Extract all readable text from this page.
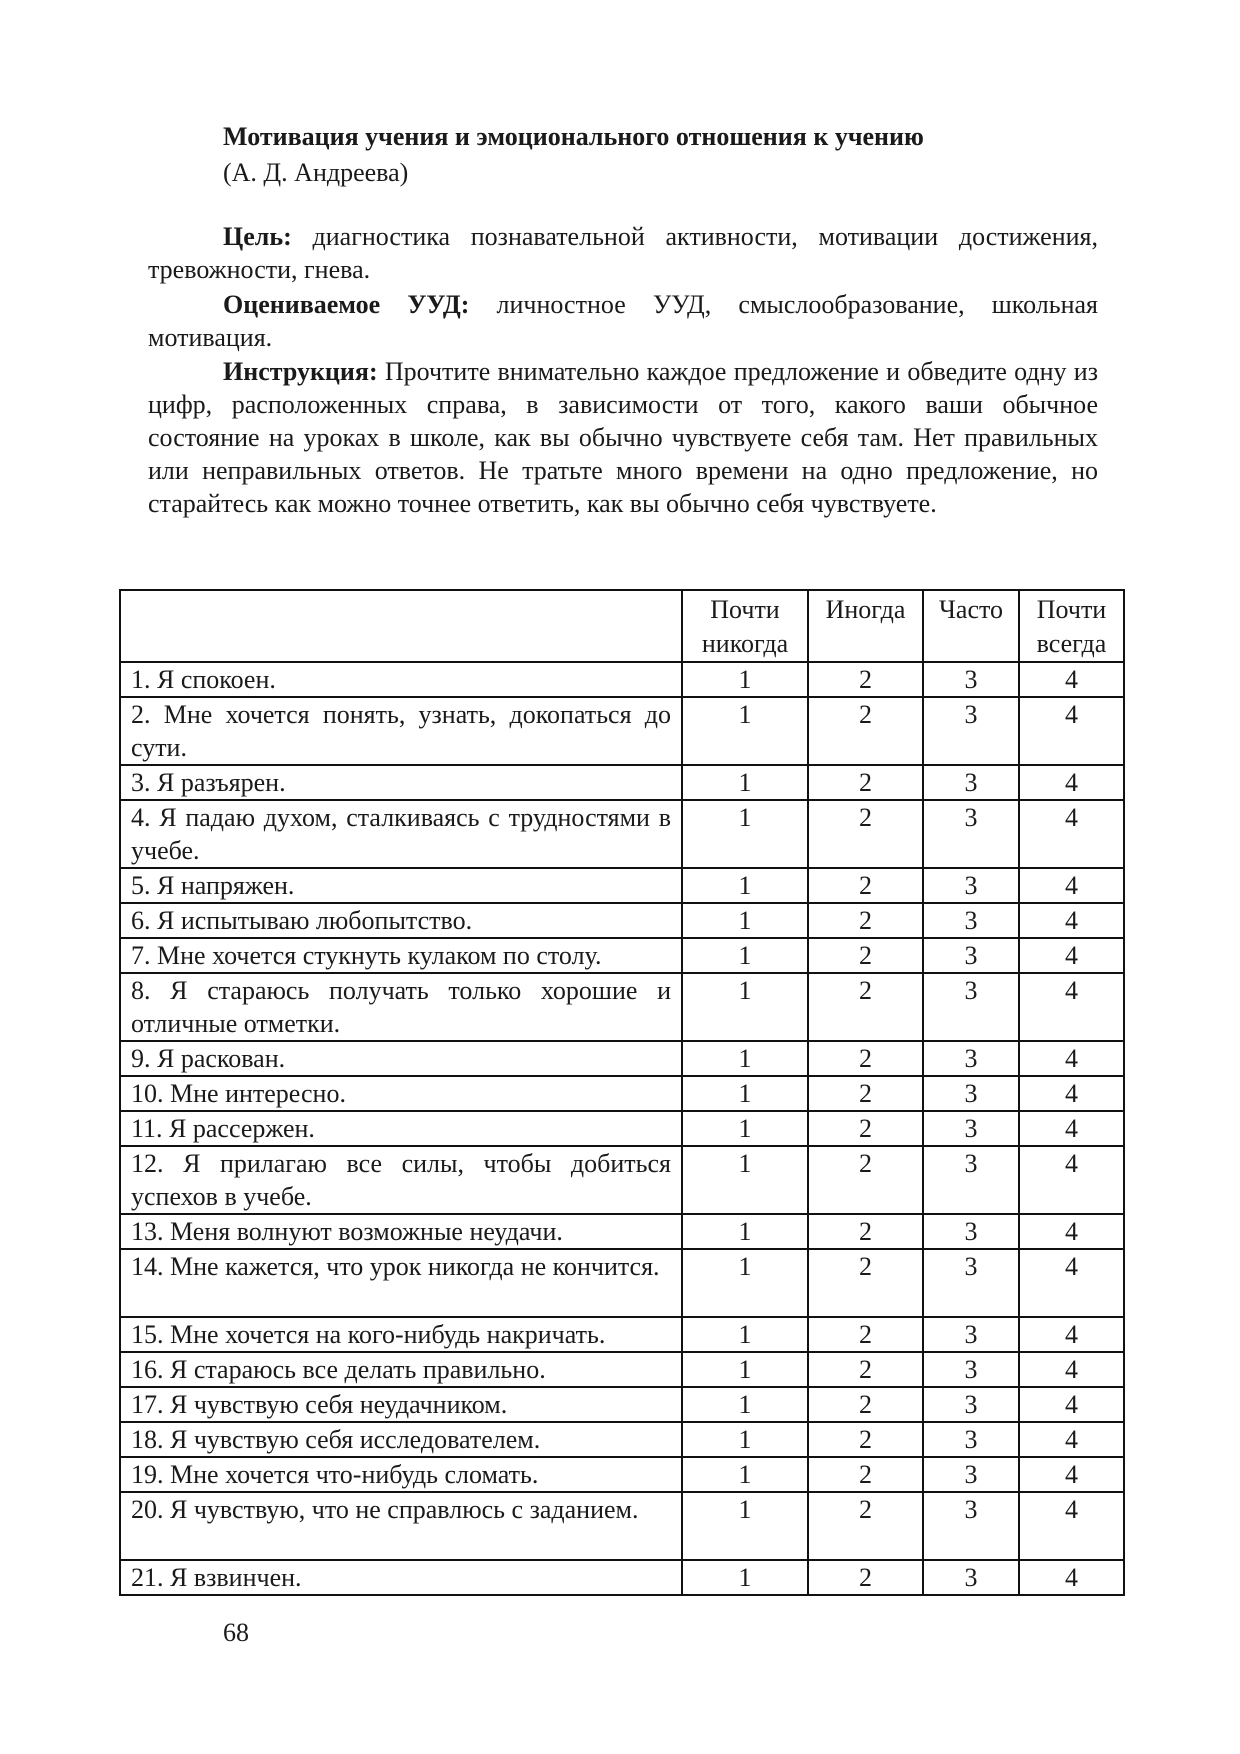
Мотивация учения и эмоционального отношения к учению
(А. Д. Андреева)
Цель: диагностика познавательной активности, мотивации достижения, тревожности, гнева.
Оцениваемое УУД: личностное УУД, смыслообразование, школьная мотивация.
Инструкция: Прочтите внимательно каждое предложение и обведите одну из цифр, расположенных справа, в зависимости от того, какого ваши обычное состояние на уроках в школе, как вы обычно чувствуете себя там. Нет правильных или неправильных ответов. Не тратьте много времени на одно предложение, но старайтесь как можно точнее ответить, как вы обычно себя чувствуете.
	Почти никогда	Иногда	Часто	Почти всегда
1. Я спокоен.	1	2	3	4
2. Мне хочется понять, узнать, докопаться до сути.	1	2	3	4
3. Я разъярен.	1	2	3	4
4. Я падаю духом, сталкиваясь с трудностями в учебе.	1	2	3	4
5. Я напряжен.	1	2	3	4
6. Я испытываю любопытство.	1	2	3	4
7. Мне хочется стукнуть кулаком по столу.	1	2	3	4
8. Я стараюсь получать только хорошие и отличные отметки.	1	2	3	4
9. Я раскован.	1	2	3	4
10. Мне интересно.	1	2	3	4
11. Я рассержен.	1	2	3	4
12. Я прилагаю все силы, чтобы добиться успехов в учебе.	1	2	3	4
13. Меня волнуют возможные неудачи.	1	2	3	4
14. Мне кажется, что урок никогда не кончится.	1	2	3	4
15. Мне хочется на кого-нибудь накричать.	1	2	3	4
16. Я стараюсь все делать правильно.	1	2	3	4
17. Я чувствую себя неудачником.	1	2	3	4
18. Я чувствую себя исследователем.	1	2	3	4
19. Мне хочется что-нибудь сломать.	1	2	3	4
20. Я чувствую, что не справлюсь с заданием.	1	2	3	4
21. Я взвинчен.	1	2	3	4
68
